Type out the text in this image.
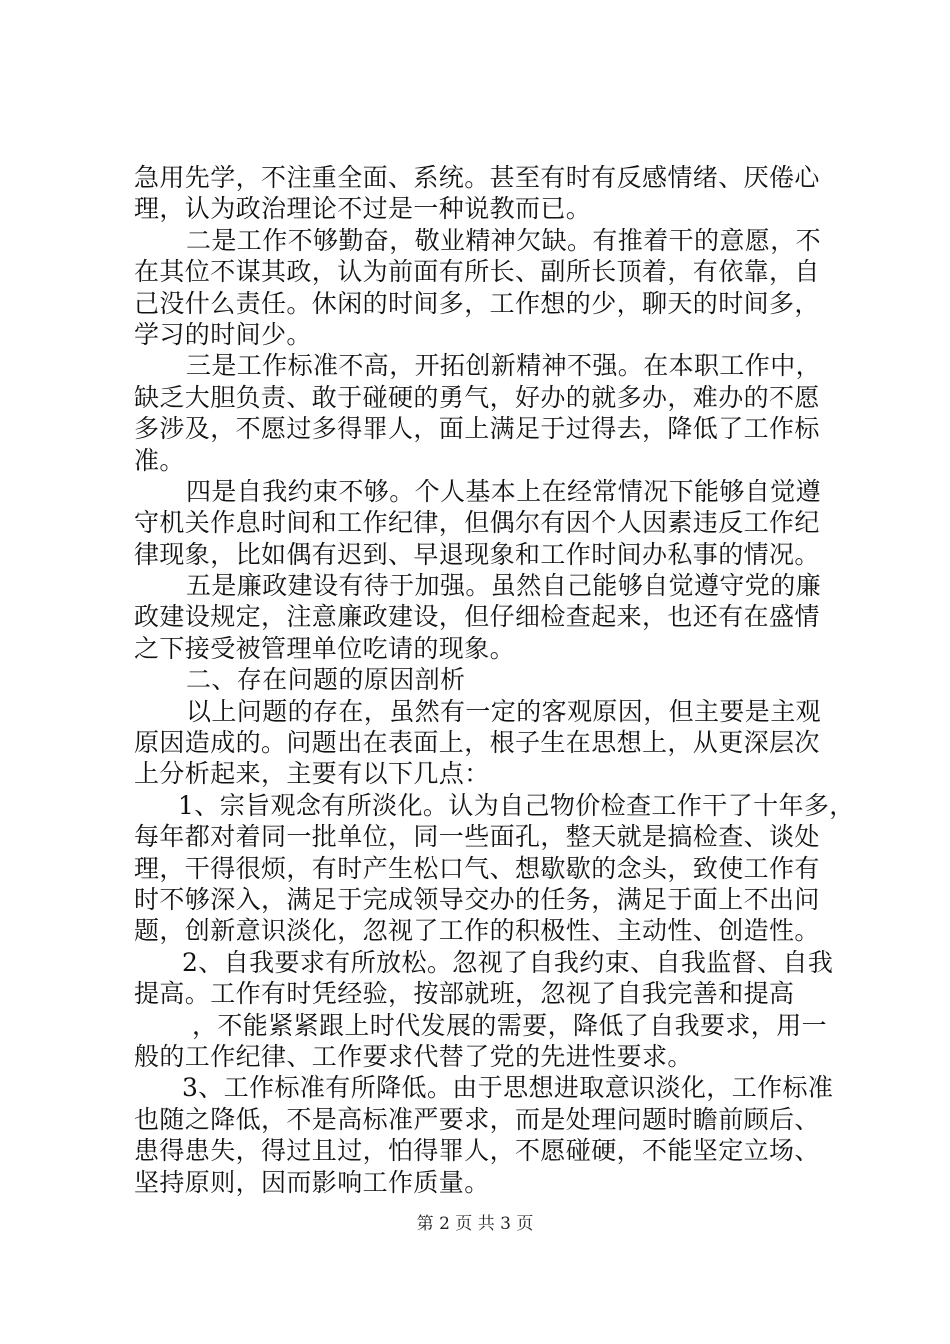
急用先学，不注重全面、系统。甚至有时有反感情绪、厌倦心
理，认为政治理论不过是一种说教而已。
二是工作不够勤奋，敬业精神欠缺。有推着干的意愿，不
在其位不谋其政，认为前面有所长、副所长顶着，有依靠，自
己没什么责任。休闲的时间多，工作想的少，聊天的时间多，
学习的时间少。
三是工作标准不高，开拓创新精神不强。在本职工作中，
缺乏大胆负责、敢于碰硬的勇气，好办的就多办，难办的不愿
多涉及，不愿过多得罪人，面上满足于过得去，降低了工作标
准。
四是自我约束不够。个人基本上在经常情况下能够自觉遵
守机关作息时间和工作纪律，但偶尔有因个人因素违反工作纪
律现象，比如偶有迟到、早退现象和工作时间办私事的情况。
五是廉政建设有待于加强。虽然自己能够自觉遵守党的廉
政建设规定，注意廉政建设，但仔细检查起来，也还有在盛情
之下接受被管理单位吃请的现象。
二、存在问题的原因剖析
以上问题的存在，虽然有一定的客观原因，但主要是主观
原因造成的。问题出在表面上，根子生在思想上，从更深层次
上分析起来，主要有以下几点：
1、宗旨观念有所淡化。认为自己物价检查工作干了十年多，
每年都对着同一批单位，同一些面孔，整天就是搞检查、谈处
理，干得很烦，有时产生松口气、想歇歇的念头，致使工作有
时不够深入，满足于完成领导交办的任务，满足于面上不出问
题，创新意识淡化，忽视了工作的积极性、主动性、创造性。
2、自我要求有所放松。忽视了自我约束、自我监督、自我
提高。工作有时凭经验，按部就班，忽视了自我完善和提高
，不能紧紧跟上时代发展的需要，降低了自我要求，用一
般的工作纪律、工作要求代替了党的先进性要求。
3、工作标准有所降低。由于思想进取意识淡化，工作标准
也随之降低，不是高标准严要求，而是处理问题时瞻前顾后、
患得患失，得过且过，怕得罪人，不愿碰硬，不能坚定立场、
坚持原则，因而影响工作质量。
第 2 页 共 3 页
